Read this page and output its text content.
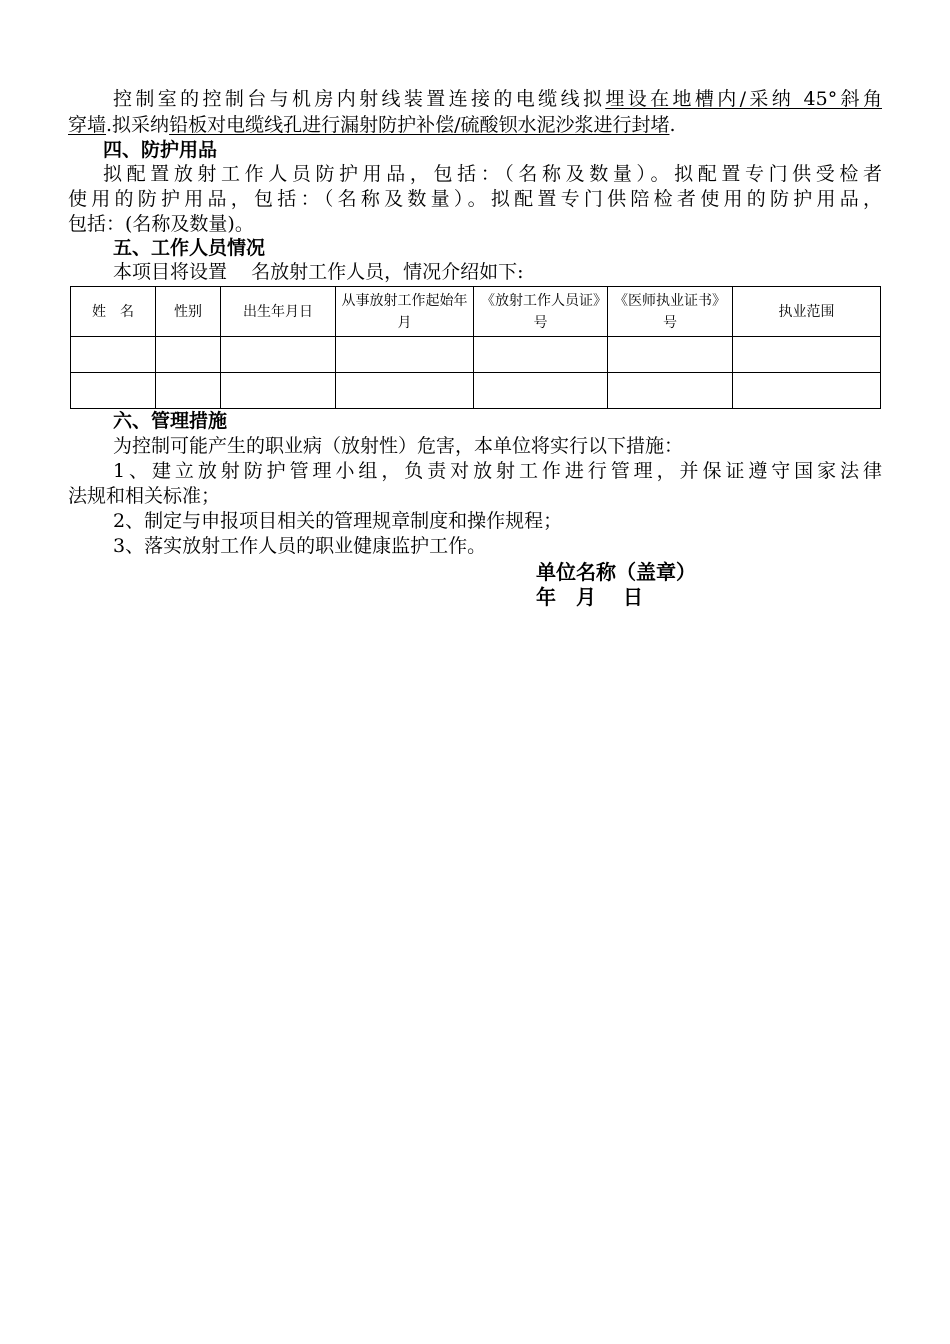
控制室的控制台与机房内射线装置连接的电缆线拟埋设在地槽内/采纳 45°斜角
穿墙.拟采纳铅板对电缆线孔进行漏射防护补偿/硫酸钡水泥沙浆进行封堵.
四、防护用品
拟配置放射工作人员防护用品，包括：（名称及数量）。拟配置专门供受检者
使用的防护用品，包括：（名称及数量）。拟配置专门供陪检者使用的防护用品，
包括：(名称及数量)。
五、工作人员情况
本项目将设置    名放射工作人员，情况介绍如下:
姓　名	性别	出生年月日	从事放射工作起始年月	《放射工作人员证》号	《医师执业证书》号	执业范围

六、管理措施
为控制可能产生的职业病（放射性）危害，本单位将实行以下措施：
1、建立放射防护管理小组，负责对放射工作进行管理，并保证遵守国家法律
法规和相关标准；
2、制定与申报项目相关的管理规章制度和操作规程；
3、落实放射工作人员的职业健康监护工作。
单位名称（盖章）
年　月　 日
